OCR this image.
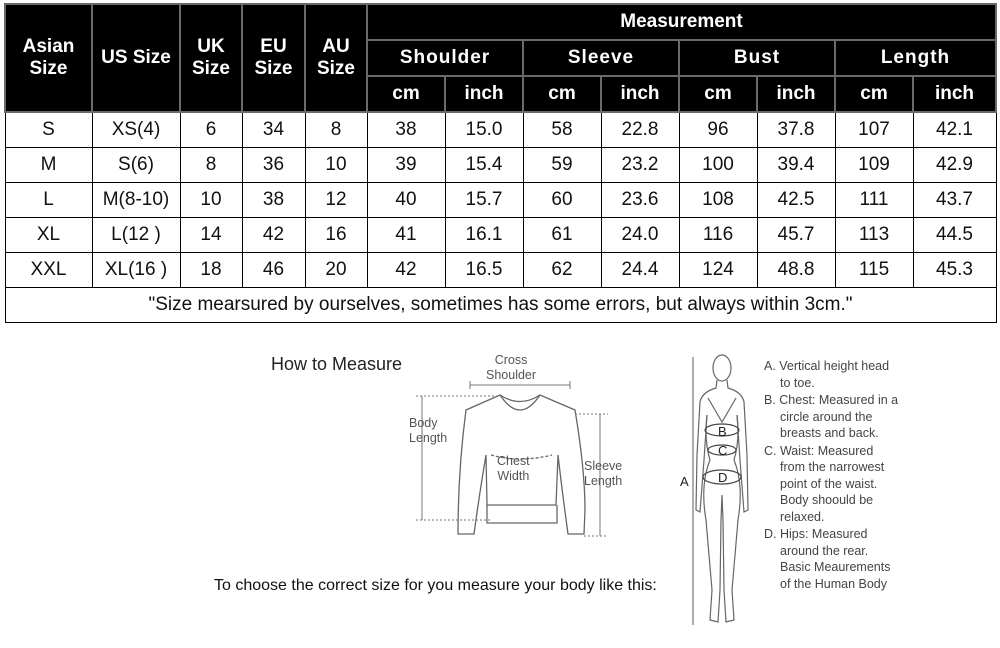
Asian Size	US Size	UK Size	EU Size	AU Size	Measurement							
					Shoulder		Sleeve		Bust		Length	
					cm	inch	cm	inch	cm	inch	cm	inch
S	XS(4)	6	34	8	38	15.0	58	22.8	96	37.8	107	42.1
M	S(6)	8	36	10	39	15.4	59	23.2	100	39.4	109	42.9
L	M(8-10)	10	38	12	40	15.7	60	23.6	108	42.5	111	43.7
XL	L(12 )	14	42	16	41	16.1	61	24.0	116	45.7	113	44.5
XXL	XL(16 )	18	46	20	42	16.5	62	24.4	124	48.8	115	45.3
"Size mearsured by ourselves, sometimes has some errors, but always within 3cm."												
How to Measure	Cross
Shoulder
Body
Length
Chest
Width
Sleeve
Length
To choose the correct size for you measure your body like this:
A
B
C
D
A. Vertical height head
to toe.
B. Chest: Measured in a
circle around the
breasts and back.
C. Waist: Measured
from the narrowest
point of the waist.
Body shoould be
relaxed.
D. Hips: Measured
around the rear.
Basic Meaurements
of the Human Body
